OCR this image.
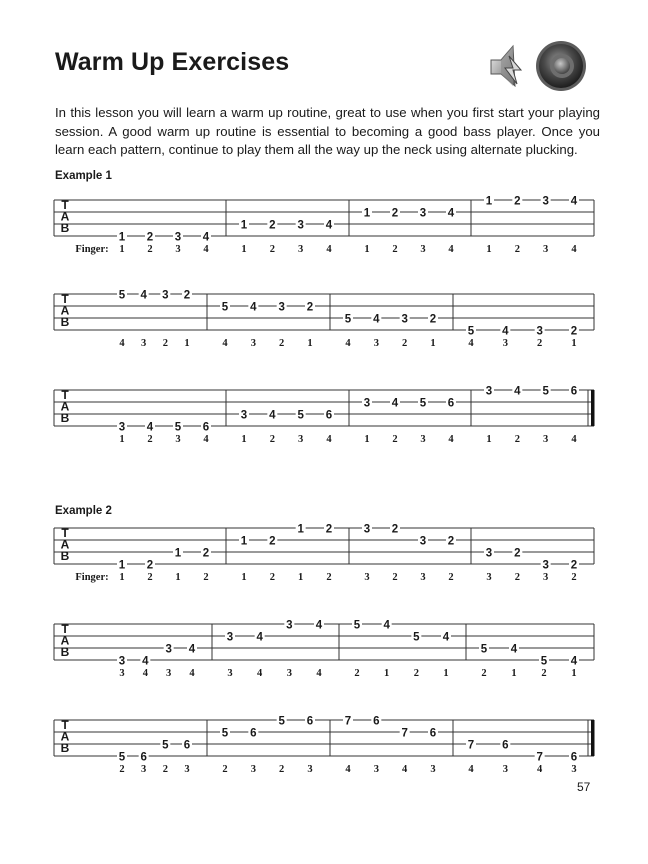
Warm Up Exercises

In this lesson you will learn a warm up routine, great to use when you first start your playing session. A good warm up routine is essential to becoming a good bass player. Once you learn each pattern, continue to play them all the way up the neck using alternate plucking.

Example 1
Example 2
T
A
B
Finger:
1
1
2
2
3
3
4
4
1
1
2
2
3
3
4
4
1
1
2
2
3
3
4
4
1
1
2
2
3
3
4
4
T
A
B
5
4
4
3
3
2
2
1
5
4
4
3
3
2
2
1
5
4
4
3
3
2
2
1
5
4
4
3
3
2
2
1
T
A
B
3
1
4
2
5
3
6
4
3
1
4
2
5
3
6
4
3
1
4
2
5
3
6
4
3
1
4
2
5
3
6
4
T
A
B
Finger:
1
1
2
2
1
1
2
2
1
1
2
2
1
1
2
2
3
3
2
2
3
3
2
2
3
3
2
2
3
3
2
2
T
A
B
3
3
4
4
3
3
4
4
3
3
4
4
3
3
4
4
5
2
4
1
5
2
4
1
5
2
4
1
5
2
4
1
T
A
B
5
2
6
3
5
2
6
3
5
2
6
3
5
2
6
3
7
4
6
3
7
4
6
3
7
4
6
3
7
4
6
3
57
